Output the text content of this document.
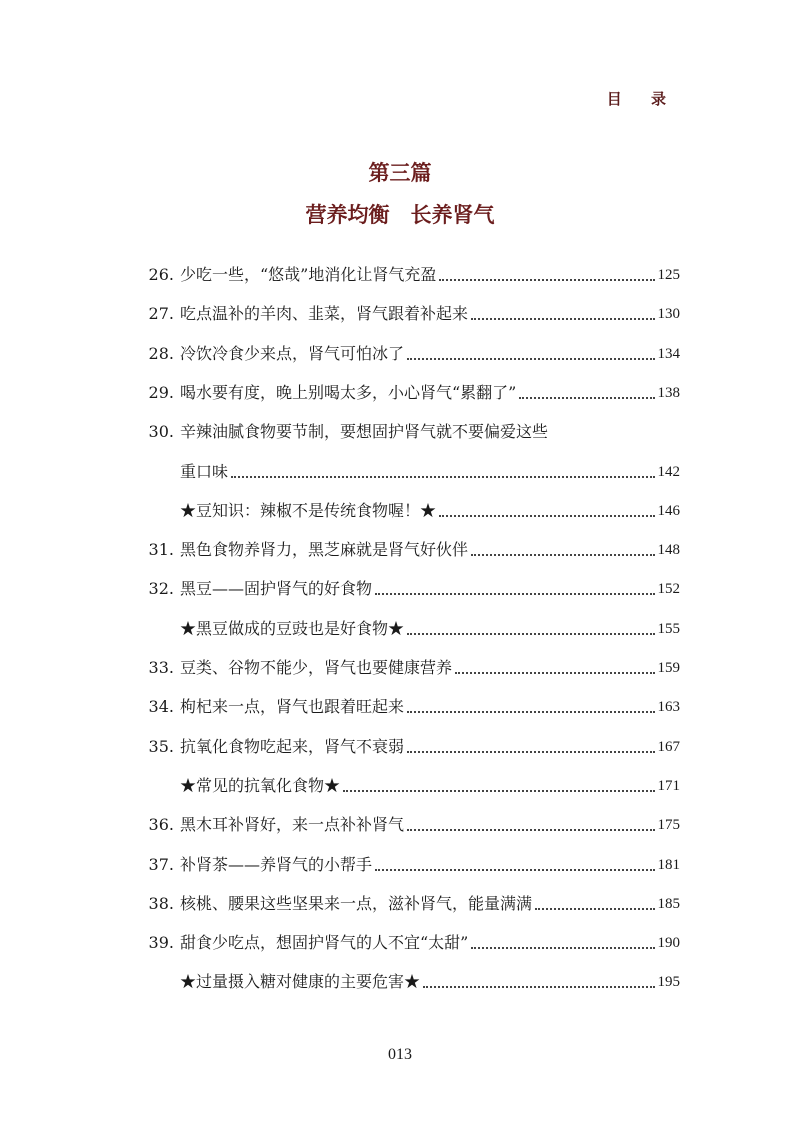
目 录
第三篇
营养均衡　长养肾气
26. 少吃一些，“悠哉”地消化让肾气充盈	125
27. 吃点温补的羊肉、韭菜，肾气跟着补起来	130
28. 冷饮冷食少来点，肾气可怕冰了	134
29. 喝水要有度，晚上别喝太多，小心肾气“累翻了”	138
30. 辛辣油腻食物要节制，要想固护肾气就不要偏爱这些
重口味	142
★豆知识：辣椒不是传统食物喔！★	146
31. 黑色食物养肾力，黑芝麻就是肾气好伙伴	148
32. 黑豆——固护肾气的好食物	152
★黑豆做成的豆豉也是好食物★	155
33. 豆类、谷物不能少，肾气也要健康营养	159
34. 枸杞来一点，肾气也跟着旺起来	163
35. 抗氧化食物吃起来，肾气不衰弱	167
★常见的抗氧化食物★	171
36. 黑木耳补肾好，来一点补补肾气	175
37. 补肾茶——养肾气的小帮手	181
38. 核桃、腰果这些坚果来一点，滋补肾气，能量满满	185
39. 甜食少吃点，想固护肾气的人不宜“太甜”	190
★过量摄入糖对健康的主要危害★	195
013
